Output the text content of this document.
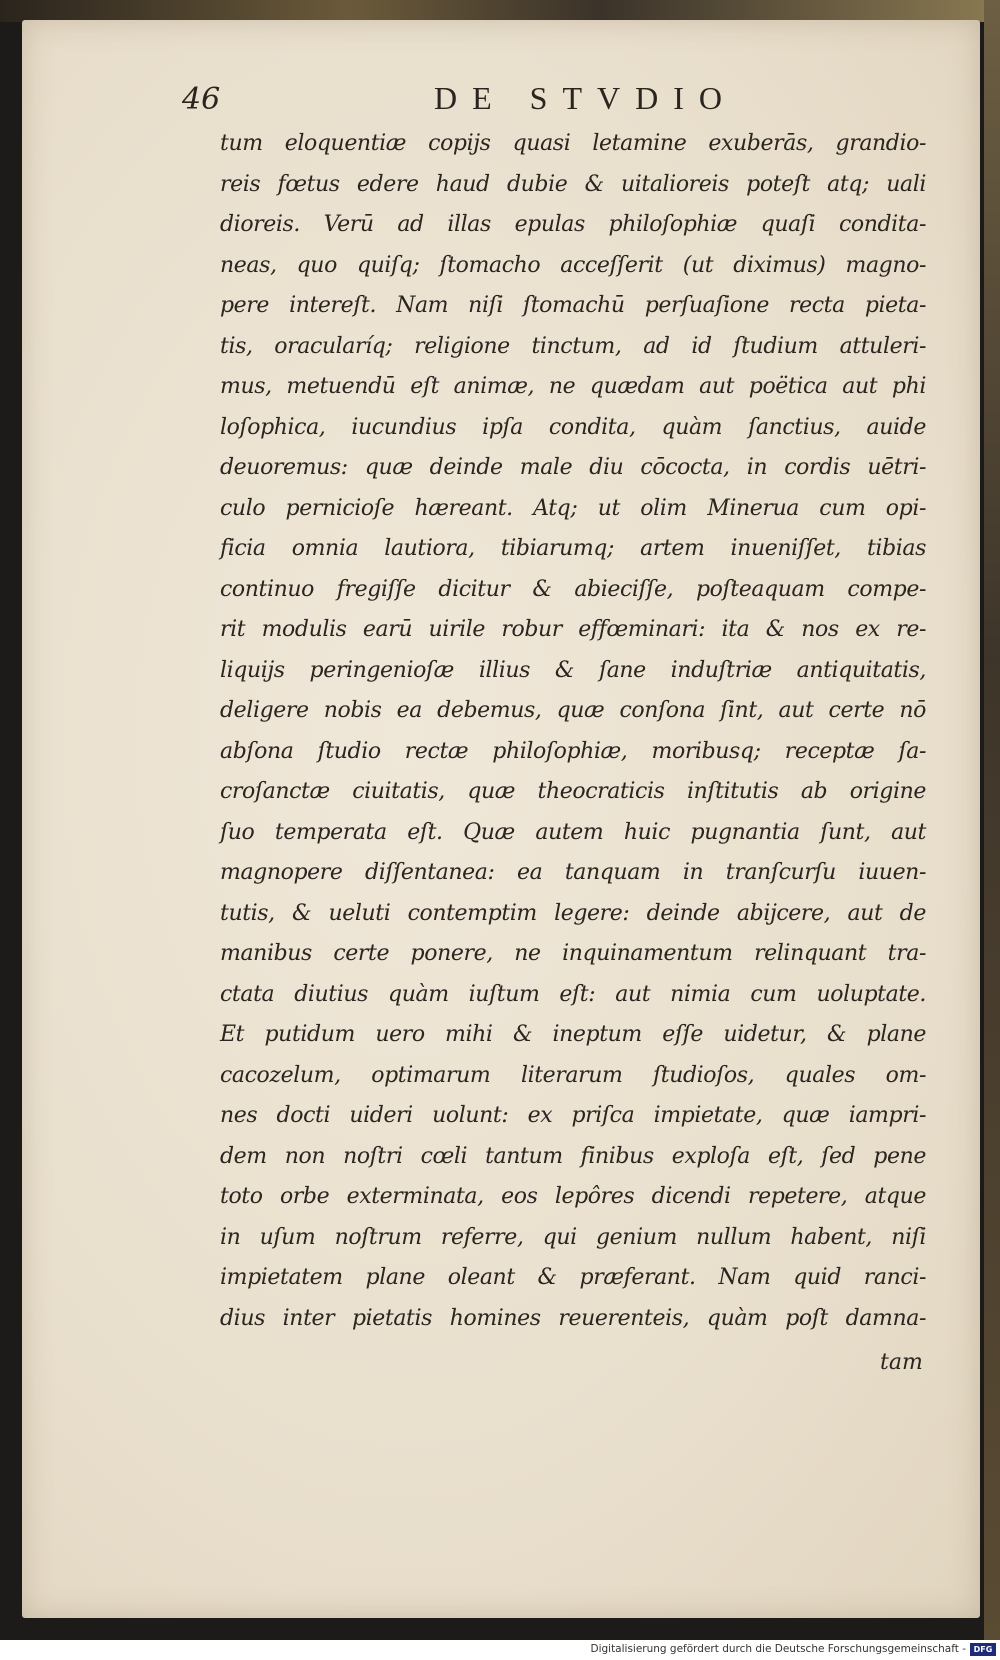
46	DE STVDIO
tum eloquentiæ copijs quasi letamine exuberās, grandio-
reis fœtus edere haud dubie & uitalioreis poteſt atq; uali
dioreis. Verū ad illas epulas philoſophiæ quaſi condita-
neas, quo quiſq; ſtomacho acceſſerit (ut diximus) magno-
pere intereſt. Nam niſi ſtomachū perſuaſione recta pieta-
tis, oracularíq; religione tinctum, ad id ſtudium attuleri-
mus, metuendū eſt animæ, ne quædam aut poëtica aut phi
loſophica, iucundius ipſa condita, quàm ſanctius, auide
deuoremus: quæ deinde male diu cōcocta, in cordis uētri-
culo pernicioſe hæreant. Atq; ut olim Minerua cum opi-
ficia omnia lautiora, tibiarumq; artem inueniſſet, tibias
continuo fregiſſe dicitur & abieciſſe, poſteaquam compe-
rit modulis earū uirile robur effœminari: ita & nos ex re-
liquijs peringenioſæ illius & ſane induſtriæ antiquitatis,
deligere nobis ea debemus, quæ conſona ſint, aut certe nō
abſona ſtudio rectæ philoſophiæ, moribusq; receptæ ſa-
croſanctæ ciuitatis, quæ theocraticis inſtitutis ab origine
ſuo temperata eſt. Quæ autem huic pugnantia ſunt, aut
magnopere diſſentanea: ea tanquam in tranſcurſu iuuen-
tutis, & ueluti contemptim legere: deinde abijcere, aut de
manibus certe ponere, ne inquinamentum relinquant tra-
ctata diutius quàm iuſtum eſt: aut nimia cum uoluptate.
Et putidum uero mihi & ineptum eſſe uidetur, & plane
cacozelum, optimarum literarum ſtudioſos, quales om-
nes docti uideri uolunt: ex priſca impietate, quæ iampri-
dem non noſtri cœli tantum finibus exploſa eſt, ſed pene
toto orbe exterminata, eos lepôres dicendi repetere, atque
in uſum noſtrum referre, qui genium nullum habent, niſi
impietatem plane oleant & præferant. Nam quid ranci-
dius inter pietatis homines reuerenteis, quàm poſt damna-
tam
Digitalisierung gefördert durch die Deutsche Forschungsgemeinschaft - DFG
